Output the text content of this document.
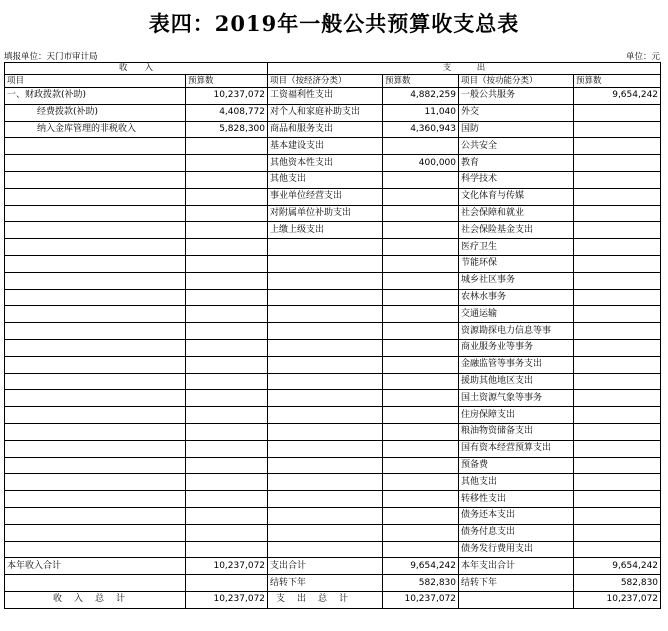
表四：2019年一般公共预算收支总表
填报单位：天门市审计局	单位：元
收　　入		支　　　出			
项目	预算数	项目（按经济分类）	预算数	项目（按功能分类）	预算数
一、财政拨款(补助)	10,237,072	工资福利性支出	4,882,259	一般公共服务	9,654,242
经费拨款(补助)	4,408,772	对个人和家庭补助支出	11,040	外交	
纳入金库管理的非税收入	5,828,300	商品和服务支出	4,360,943	国防	
		基本建设支出		公共安全	
		其他资本性支出	400,000	教育	
		其他支出		科学技术	
		事业单位经营支出		文化体育与传媒	
		对附属单位补助支出		社会保障和就业	
		上缴上级支出		社会保险基金支出	
				医疗卫生	
				节能环保	
				城乡社区事务	
				农林水事务	
				交通运输	
				资源勘探电力信息等事	
				商业服务业等事务	
				金融监管等事务支出	
				援助其他地区支出	
				国土资源气象等事务	
				住房保障支出	
				粮油物资储备支出	
				国有资本经营预算支出	
				预备费	
				其他支出	
				转移性支出	
				债务还本支出	
				债务付息支出	
				债务发行费用支出	
本年收入合计	10,237,072	支出合计	9,654,242	本年支出合计	9,654,242
		结转下年	582,830	结转下年	582,830
收入总计	10,237,072	支出总计	10,237,072		10,237,072
